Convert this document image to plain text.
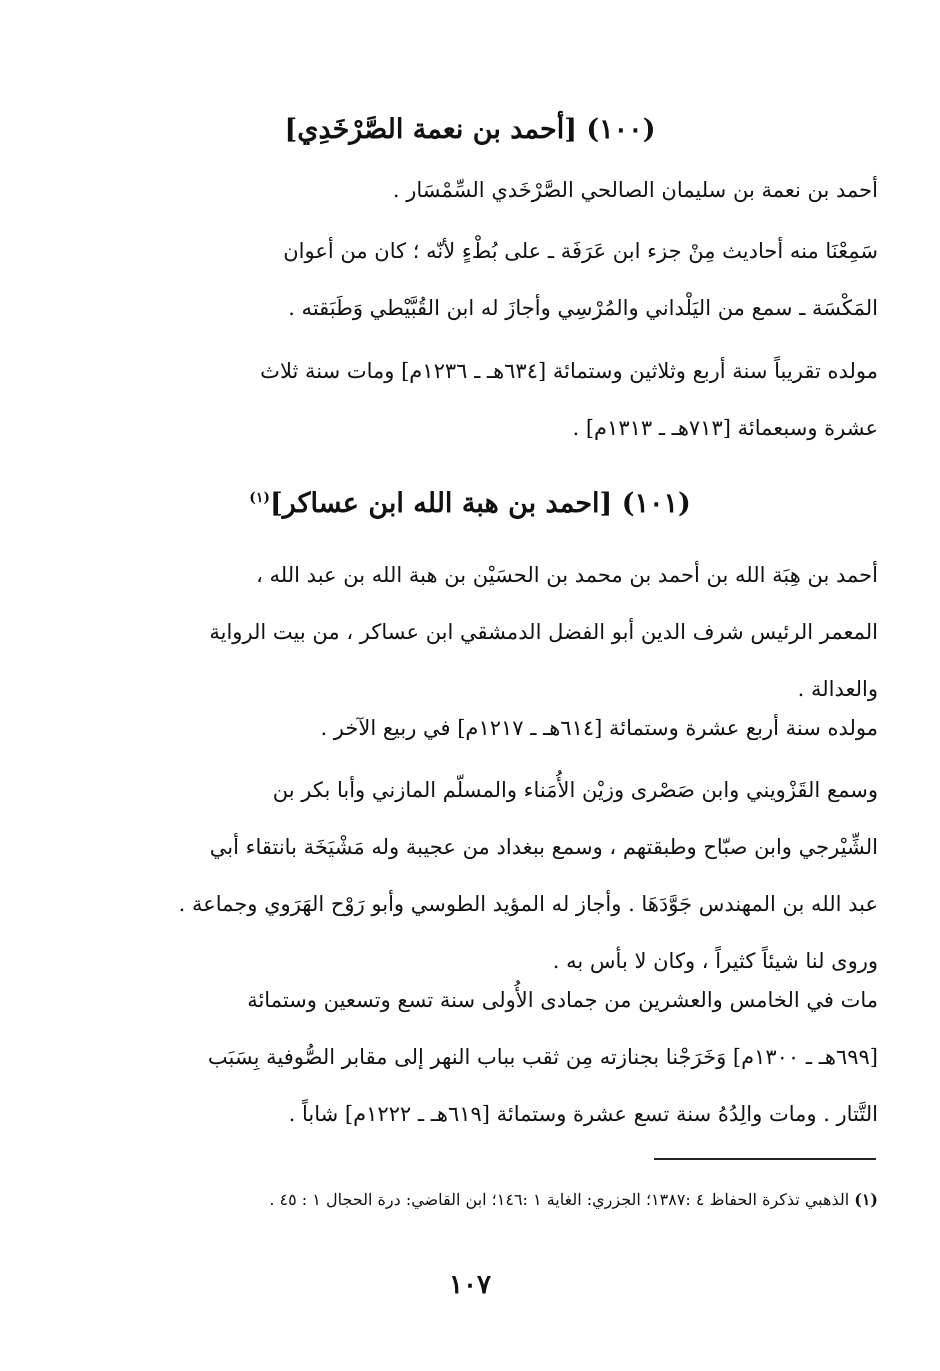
(١٠٠) [أحمد بن نعمة الصَّرْخَدِي]
أحمد بن نعمة بن سليمان الصالحي الصَّرْخَدي السِّمْسَار .
سَمِعْنَا منه أحاديث مِنْ جزء ابن عَرَفَة ـ على بُطْءٍ لأنّه ؛ كان من أعوان
المَكْسَة ـ سمع من اليَلْداني والمُرْسِي وأجازَ له ابن القُبَّيْطي وَطَبَقته .
مولده تقريباً سنة أربع وثلاثين وستمائة [٦٣٤هـ ـ ١٢٣٦م] ومات سنة ثلاث
عشرة وسبعمائة [٧١٣هـ ـ ١٣١٣م] .
(١٠١) [احمد بن هبة الله ابن عساكر]$^{(١)}$
أحمد بن هِبَة الله بن أحمد بن محمد بن الحسَيْن بن هبة الله بن عبد الله ،
المعمر الرئيس شرف الدين أبو الفضل الدمشقي ابن عساكر ، من بيت الرواية
والعدالة .
مولده سنة أربع عشرة وستمائة [٦١٤هـ ـ ١٢١٧م] في ربيع الآخر .
وسمع القَزْويني وابن صَصْرى وزيْن الأُمَناء والمسلّم المازني وأبا بكر بن
الشِّيْرجي وابن صبّاح وطبقتهم ، وسمع ببغداد من عجيبة وله مَشْيَخَة بانتقاء أبي
عبد الله بن المهندس جَوَّدَهَا . وأجاز له المؤيد الطوسي وأبو رَوْح الهَرَوي وجماعة .
وروى لنا شيئاً كثيراً ، وكان لا بأس به .
مات في الخامس والعشرين من جمادى الأُولى سنة تسع وتسعين وستمائة
[٦٩٩هـ ـ ١٣٠٠م] وَخَرَجْنا بجنازته مِن ثقب بباب النهر إلى مقابر الصُّوفية بِسَبَب
التَّتار . ومات والِدُهُ سنة تسع عشرة وستمائة [٦١٩هـ ـ ١٢٢٢م] شاباً .
(١) الذهبي تذكرة الحفاظ ٤ :١٣٨٧؛ الجزري: الغاية ١ :١٤٦؛ ابن القاضي: درة الحجال ١ : ٤٥ .
١٠٧
